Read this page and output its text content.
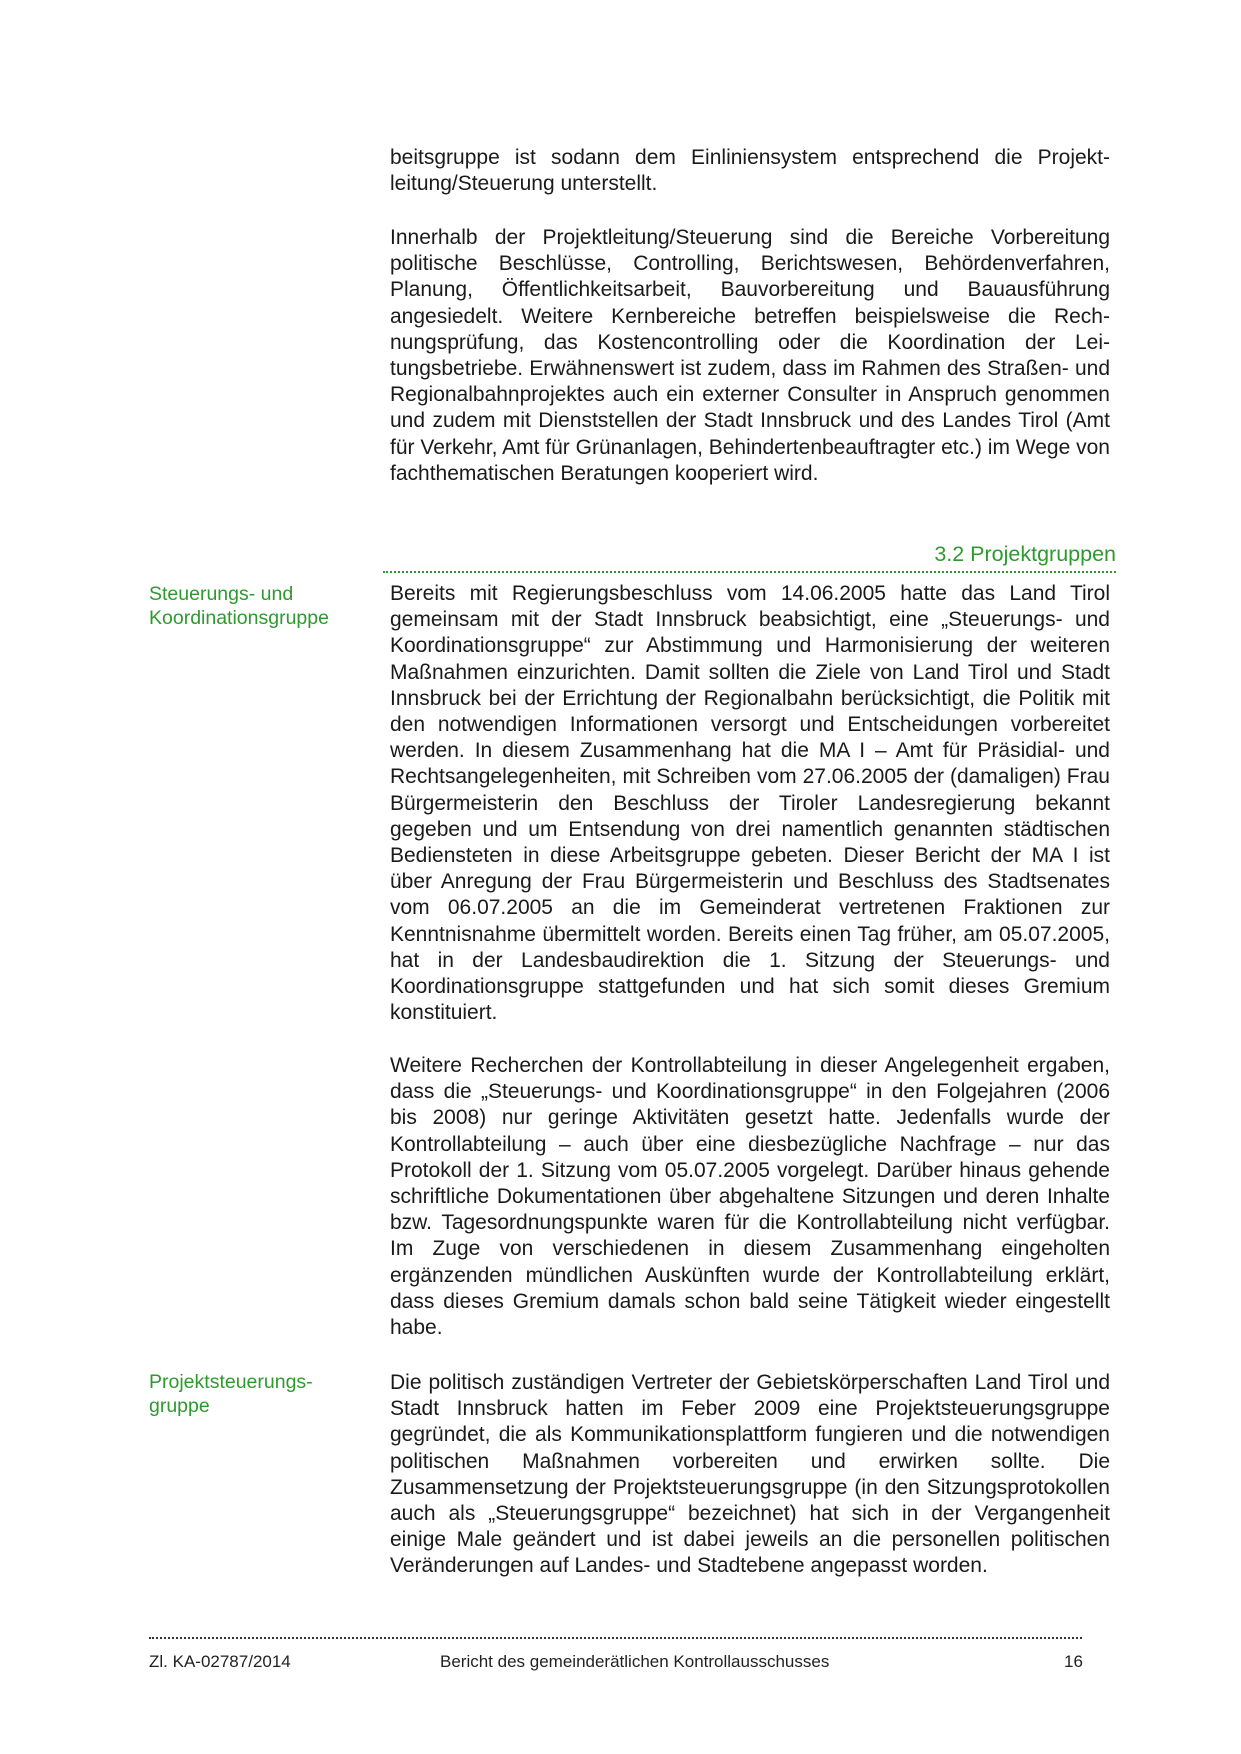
beitsgruppe ist sodann dem Einliniensystem entsprechend die Projektleitung/Steuerung unterstellt.

Innerhalb der Projektleitung/Steuerung sind die Bereiche Vorbereitung politische Beschlüsse, Controlling, Berichtswesen, Behördenverfahren, Planung, Öffentlichkeitsarbeit, Bauvorbereitung und Bauausführung angesiedelt. Weitere Kernbereiche betreffen beispielsweise die Rechnungsprüfung, das Kostencontrolling oder die Koordination der Leitungsbetriebe. Erwähnenswert ist zudem, dass im Rahmen des Straßen- und Regionalbahnprojektes auch ein externer Consulter in Anspruch genommen und zudem mit Dienststellen der Stadt Innsbruck und des Landes Tirol (Amt für Verkehr, Amt für Grünanlagen, Behindertenbeauftragter etc.) im Wege von fachthematischen Beratungen kooperiert wird.

3.2 Projektgruppen
Steuerungs- und
Koordinationsgruppe

Bereits mit Regierungsbeschluss vom 14.06.2005 hatte das Land Tirol gemeinsam mit der Stadt Innsbruck beabsichtigt, eine „Steuerungs- und Koordinationsgruppe“ zur Abstimmung und Harmonisierung der weiteren Maßnahmen einzurichten. Damit sollten die Ziele von Land Tirol und Stadt Innsbruck bei der Errichtung der Regionalbahn berücksichtigt, die Politik mit den notwendigen Informationen versorgt und Entscheidungen vorbereitet werden. In diesem Zusammenhang hat die MA I – Amt für Präsidial- und Rechtsangelegenheiten, mit Schreiben vom 27.06.2005 der (damaligen) Frau Bürgermeisterin den Beschluss der Tiroler Landesregierung bekannt gegeben und um Entsendung von drei namentlich genannten städtischen Bediensteten in diese Arbeitsgruppe gebeten. Dieser Bericht der MA I ist über Anregung der Frau Bürgermeisterin und Beschluss des Stadtsenates vom 06.07.2005 an die im Gemeinderat vertretenen Fraktionen zur Kenntnisnahme übermittelt worden. Bereits einen Tag früher, am 05.07.2005, hat in der Landesbaudirektion die 1. Sitzung der Steuerungs- und Koordinationsgruppe stattgefunden und hat sich somit dieses Gremium konstituiert.

Weitere Recherchen der Kontrollabteilung in dieser Angelegenheit ergaben, dass die „Steuerungs- und Koordinationsgruppe“ in den Folgejahren (2006 bis 2008) nur geringe Aktivitäten gesetzt hatte. Jedenfalls wurde der Kontrollabteilung – auch über eine diesbezügliche Nachfrage – nur das Protokoll der 1. Sitzung vom 05.07.2005 vorgelegt. Darüber hinaus gehende schriftliche Dokumentationen über abgehaltene Sitzungen und deren Inhalte bzw. Tagesordnungspunkte waren für die Kontrollabteilung nicht verfügbar. Im Zuge von verschiedenen in diesem Zusammenhang eingeholten ergänzenden mündlichen Auskünften wurde der Kontrollabteilung erklärt, dass dieses Gremium damals schon bald seine Tätigkeit wieder eingestellt habe.

Projektsteuerungs-
gruppe

Die politisch zuständigen Vertreter der Gebietskörperschaften Land Tirol und Stadt Innsbruck hatten im Feber 2009 eine Projektsteuerungsgruppe gegründet, die als Kommunikationsplattform fungieren und die notwendigen politischen Maßnahmen vorbereiten und erwirken sollte. Die Zusammensetzung der Projektsteuerungsgruppe (in den Sitzungsprotokollen auch als „Steuerungsgruppe“ bezeichnet) hat sich in der Vergangenheit einige Male geändert und ist dabei jeweils an die personellen politischen Veränderungen auf Landes- und Stadtebene angepasst worden.

Zl. KA-02787/2014	Bericht des gemeinderätlichen Kontrollausschusses	16
